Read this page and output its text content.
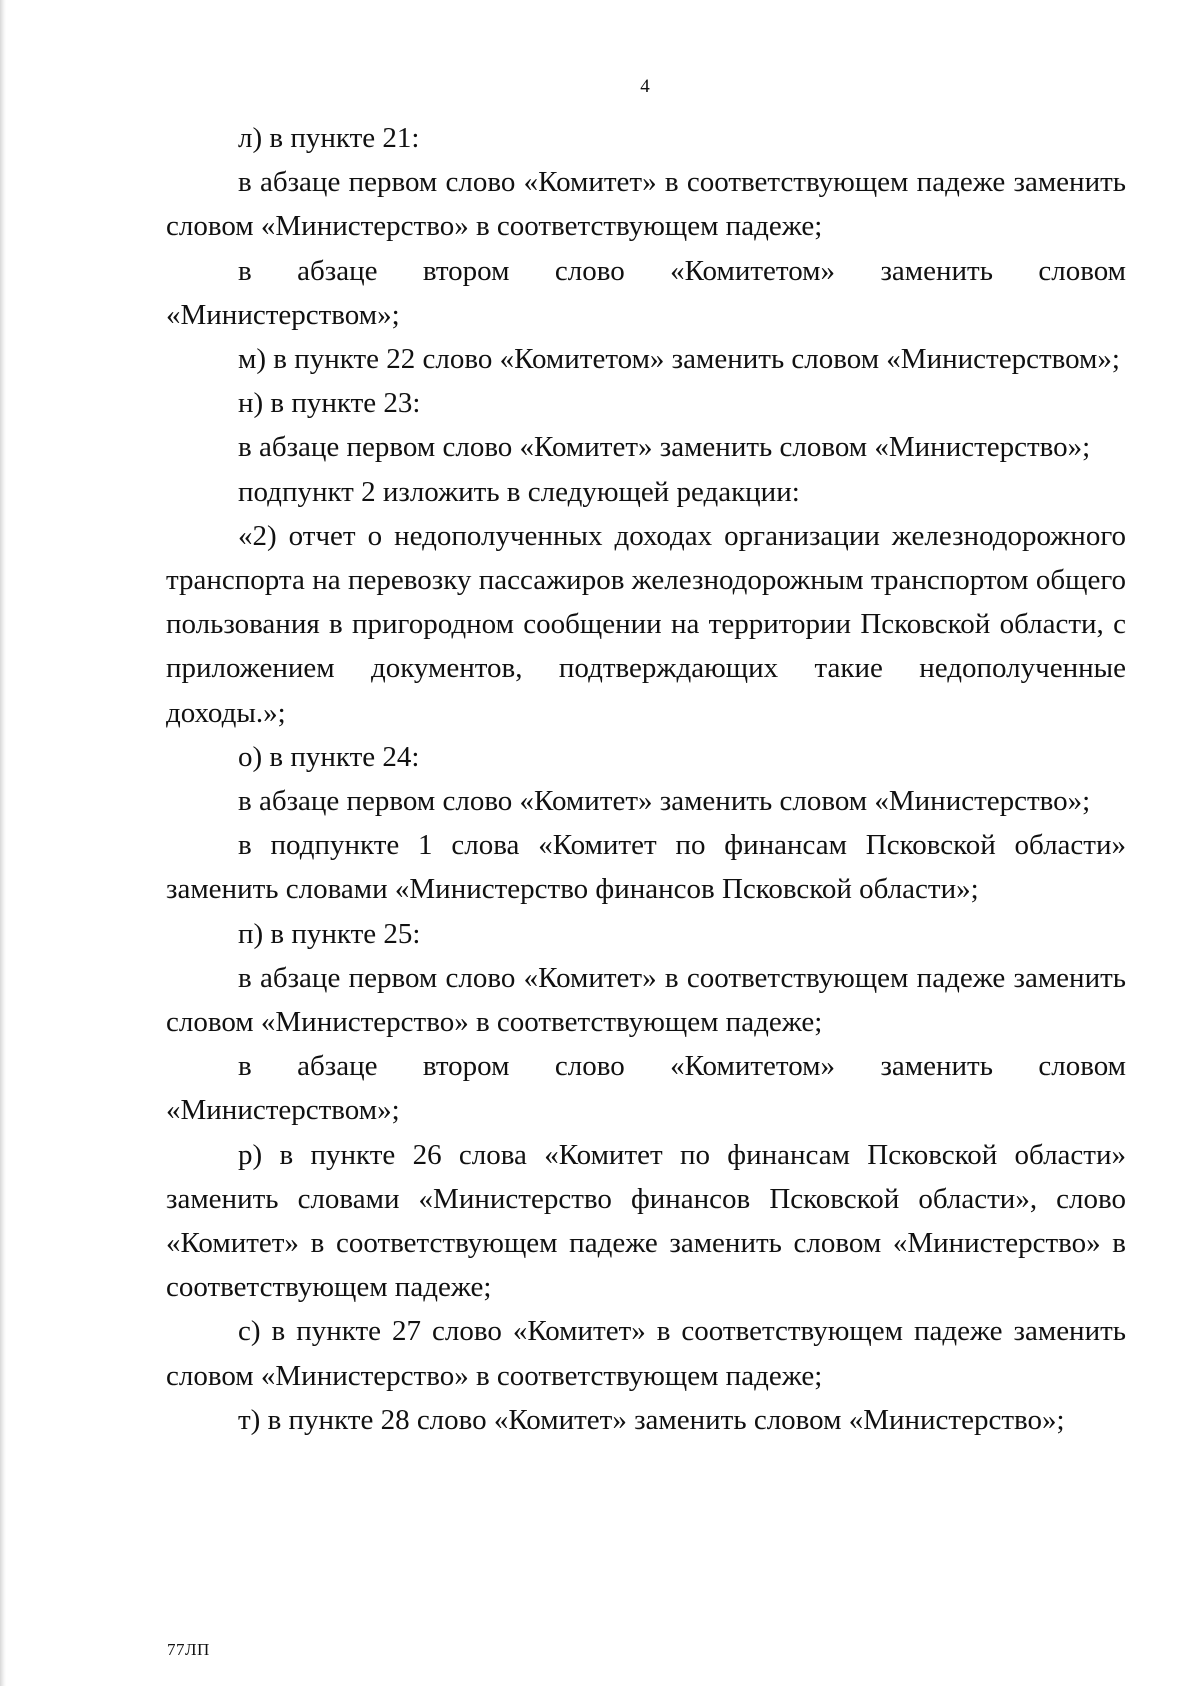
4

л) в пункте 21:

в абзаце первом слово «Комитет» в соответствующем падеже заменить словом «Министерство» в соответствующем падеже;

в абзаце втором слово «Комитетом» заменить словом «Министерством»;

м) в пункте 22 слово «Комитетом» заменить словом «Министерством»;

н) в пункте 23:

в абзаце первом слово «Комитет» заменить словом «Министерство»;

подпункт 2 изложить в следующей редакции:

«2) отчет о недополученных доходах организации железнодорожного транспорта на перевозку пассажиров железнодорожным транспортом общего пользования в пригородном сообщении на территории Псковской области, с приложением документов, подтверждающих такие недополученные доходы.»;

о) в пункте 24:

в абзаце первом слово «Комитет» заменить словом «Министерство»;

в подпункте 1 слова «Комитет по финансам Псковской области» заменить словами «Министерство финансов Псковской области»;

п) в пункте 25:

в абзаце первом слово «Комитет» в соответствующем падеже заменить словом «Министерство» в соответствующем падеже;

в абзаце втором слово «Комитетом» заменить словом «Министерством»;

р) в пункте 26 слова «Комитет по финансам Псковской области» заменить словами «Министерство финансов Псковской области», слово «Комитет» в соответствующем падеже заменить словом «Министерство» в соответствующем падеже;

с) в пункте 27 слово «Комитет» в соответствующем падеже заменить словом «Министерство» в соответствующем падеже;

т) в пункте 28 слово «Комитет» заменить словом «Министерство»;

77ЛП
